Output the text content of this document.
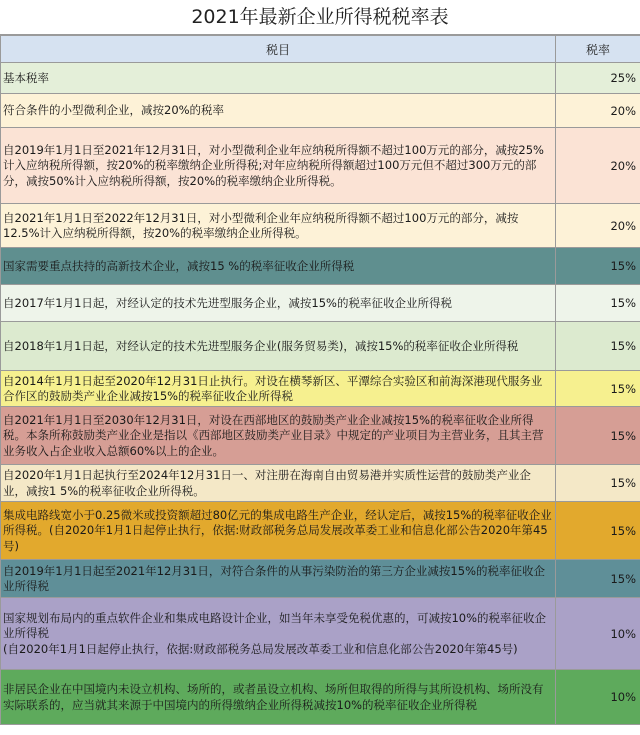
2021年最新企业所得税税率表
税目	税率
基本税率	25%
符合条件的小型微利企业，减按20%的税率	20%
自2019年1月1日至2021年12月31日，对小型微利企业年应纳税所得额不超过100万元的部分，减按25%计入应纳税所得额，按20%的税率缴纳企业所得税;对年应纳税所得额超过100万元但不超过300万元的部分，减按50%计入应纳税所得额，按20%的税率缴纳企业所得税。	20%
自2021年1月1日至2022年12月31日，对小型微利企业年应纳税所得额不超过100万元的部分，减按12.5%计入应纳税所得额，按20%的税率缴纳企业所得税。	20%
国家需要重点扶持的高新技术企业，减按15 %的税率征收企业所得税	15%
自2017年1月1日起，对经认定的技术先进型服务企业，减按15%的税率征收企业所得税	15%
自2018年1月1日起，对经认定的技术先进型服务企业(服务贸易类)，减按15%的税率征收企业所得税	15%
自2014年1月1日起至2020年12月31日止执行。对设在横琴新区、平潭综合实验区和前海深港现代服务业合作区的鼓励类产业企业减按15%的税率征收企业所得税	15%
自2021年1月1日至2030年12月31日，对设在西部地区的鼓励类产业企业减按15%的税率征收企业所得税。本条所称鼓励类产业企业是指以《西部地区鼓励类产业目录》中规定的产业项目为主营业务，且其主营业务收入占企业收入总额60%以上的企业。	15%
自2020年1月1日起执行至2024年12月31日一、对注册在海南自由贸易港并实质性运营的鼓励类产业企业，减按1 5%的税率征收企业所得税。	15%
集成电路线宽小于0.25微米或投资额超过80亿元的集成电路生产企业，经认定后，减按15%的税率征收企业所得税。(自2020年1月1日起停止执行，依据:财政部税务总局发展改革委工业和信息化部公告2020年第45号)	15%
自2019年1月1日起至2021年12月31日，对符合条件的从事污染防治的第三方企业减按15%的税率征收企业所得税	15%
国家规划布局内的重点软件企业和集成电路设计企业，如当年未享受免税优惠的，可减按10%的税率征收企业所得税
(自2020年1月1日起停止执行，依据:财政部税务总局发展改革委工业和信息化部公告2020年第45号)	10%
非居民企业在中国境内未设立机构、场所的，或者虽设立机构、场所但取得的所得与其所设机构、场所没有实际联系的，应当就其来源于中国境内的所得缴纳企业所得税减按10%的税率征收企业所得税	10%
